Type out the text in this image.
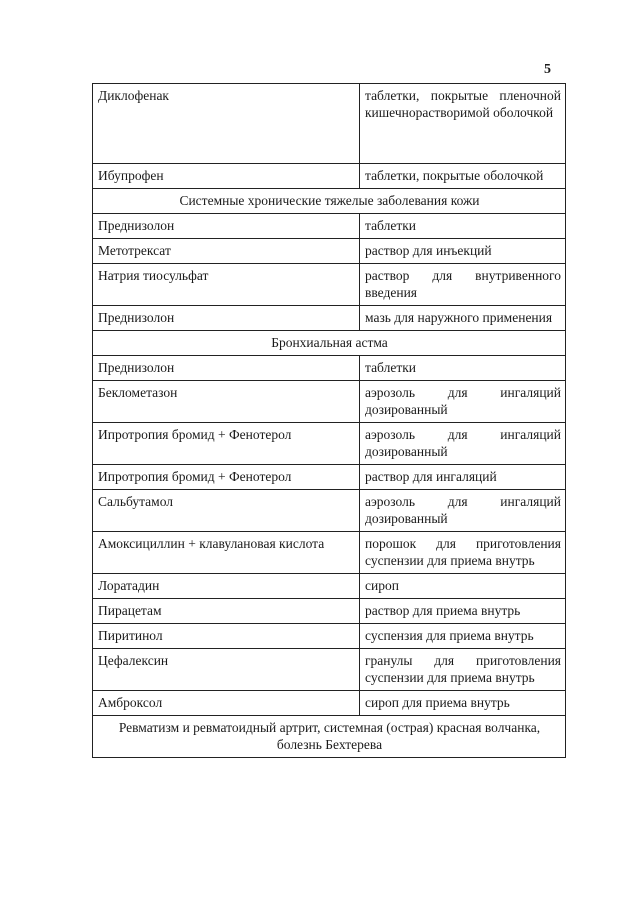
5
Диклофенак	таблетки, покрытые пленочной кишечнорастворимой оболочкой
Ибупрофен	таблетки, покрытые оболочкой
Системные хронические тяжелые заболевания кожи	
Преднизолон	таблетки
Метотрексат	раствор для инъекций
Натрия тиосульфат	раствор для внутривенного введения
Преднизолон	мазь для наружного применения
Бронхиальная астма	
Преднизолон	таблетки
Беклометазон	аэрозоль для ингаляций дозированный
Ипротропия бромид + Фенотерол	аэрозоль для ингаляций дозированный
Ипротропия бромид + Фенотерол	раствор для ингаляций
Сальбутамол	аэрозоль для ингаляций дозированный
Амоксициллин + клавулановая кислота	порошок для приготовления суспензии для приема внутрь
Лоратадин	сироп
Пирацетам	раствор для приема внутрь
Пиритинол	суспензия для приема внутрь
Цефалексин	гранулы для приготовления суспензии для приема внутрь
Амброксол	сироп для приема внутрь
Ревматизм и ревматоидный артрит, системная (острая) красная волчанка, болезнь Бехтерева	
